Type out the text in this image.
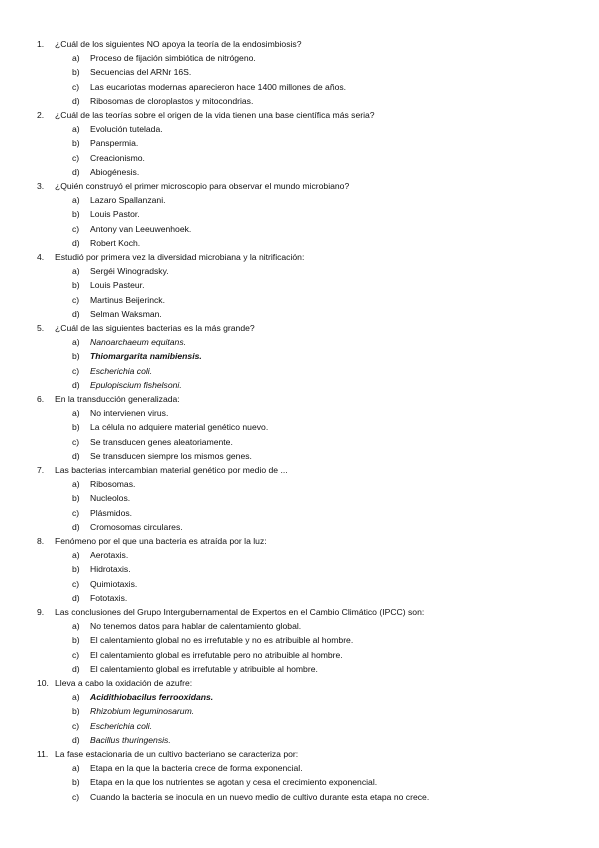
1.	¿Cuál de los siguientes NO apoya la teoría de la endosimbiosis?
a)	Proceso de fijación simbiótica de nitrógeno.
b)	Secuencias del ARNr 16S.
c)	Las eucariotas modernas aparecieron hace 1400 millones de años.
d)	Ribosomas de cloroplastos y mitocondrias.
2.	¿Cuál de las teorías sobre el origen de la vida tienen una base científica más seria?
a)	Evolución tutelada.
b)	Panspermia.
c)	Creacionismo.
d)	Abiogénesis.
3.	¿Quién construyó el primer microscopio para observar el mundo microbiano?
a)	Lazaro Spallanzani.
b)	Louis Pastor.
c)	Antony van Leeuwenhoek.
d)	Robert Koch.
4.	Estudió por primera vez la diversidad microbiana y la nitrificación:
a)	Sergéi Winogradsky.
b)	Louis Pasteur.
c)	Martinus Beijerinck.
d)	Selman Waksman.
5.	¿Cuál de las siguientes bacterias es la más grande?
a)	Nanoarchaeum equitans.
b)	Thiomargarita namibiensis.
c)	Escherichia coli.
d)	Epulopiscium fishelsoni.
6.	En la transducción generalizada:
a)	No intervienen virus.
b)	La célula no adquiere material genético nuevo.
c)	Se transducen genes aleatoriamente.
d)	Se transducen siempre los mismos genes.
7.	Las bacterias intercambian material genético por medio de ...
a)	Ribosomas.
b)	Nucleolos.
c)	Plásmidos.
d)	Cromosomas circulares.
8.	Fenómeno por el que una bacteria es atraída por la luz:
a)	Aerotaxis.
b)	Hidrotaxis.
c)	Quimiotaxis.
d)	Fototaxis.
9.	Las conclusiones del Grupo Intergubernamental de Expertos en el Cambio Climático (IPCC) son:
a)	No tenemos datos para hablar de calentamiento global.
b)	El calentamiento global no es irrefutable y no es atribuible al hombre.
c)	El calentamiento global es irrefutable pero no atribuible al hombre.
d)	El calentamiento global es irrefutable y atribuible al hombre.
10. Lleva a cabo la oxidación de azufre:
a)	Acidithiobacilus ferrooxidans.
b)	Rhizobium leguminosarum.
c)	Escherichia coli.
d)	Bacillus thuringensis.
11. La fase estacionaria de un cultivo bacteriano se caracteriza por:
a)	Etapa en la que la bacteria crece de forma exponencial.
b)	Etapa en la que los nutrientes se agotan y cesa el crecimiento exponencial.
c)	Cuando la bacteria se inocula en un nuevo medio de cultivo durante esta etapa no crece.
